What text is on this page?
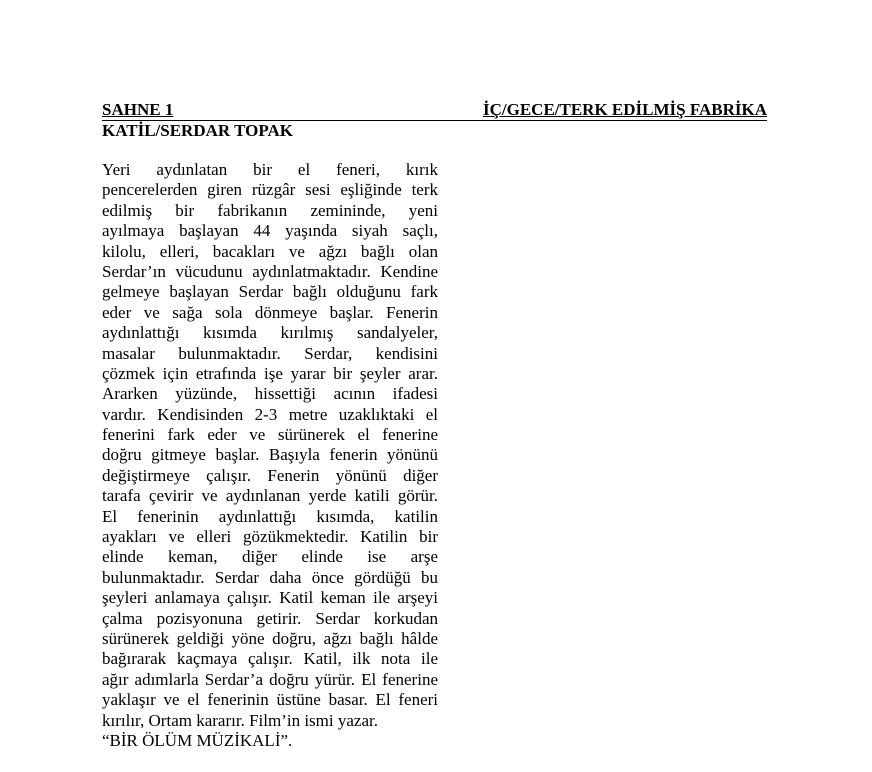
SAHNE 1	İÇ/GECE/TERK EDİLMİŞ FABRİKA
KATİL/SERDAR TOPAK
Yeri aydınlatan bir el feneri, kırık
pencerelerden giren rüzgâr sesi eşliğinde terk
edilmiş bir fabrikanın zemininde, yeni
ayılmaya başlayan 44 yaşında siyah saçlı,
kilolu, elleri, bacakları ve ağzı bağlı olan
Serdar’ın vücudunu aydınlatmaktadır. Kendine
gelmeye başlayan Serdar bağlı olduğunu fark
eder ve sağa sola dönmeye başlar. Fenerin
aydınlattığı kısımda kırılmış sandalyeler,
masalar bulunmaktadır. Serdar, kendisini
çözmek için etrafında işe yarar bir şeyler arar.
Ararken yüzünde, hissettiği acının ifadesi
vardır. Kendisinden 2-3 metre uzaklıktaki el
fenerini fark eder ve sürünerek el fenerine
doğru gitmeye başlar. Başıyla fenerin yönünü
değiştirmeye çalışır. Fenerin yönünü diğer
tarafa çevirir ve aydınlanan yerde katili görür.
El fenerinin aydınlattığı kısımda, katilin
ayakları ve elleri gözükmektedir. Katilin bir
elinde keman, diğer elinde ise arşe
bulunmaktadır. Serdar daha önce gördüğü bu
şeyleri anlamaya çalışır. Katil keman ile arşeyi
çalma pozisyonuna getirir. Serdar korkudan
sürünerek geldiği yöne doğru, ağzı bağlı hâlde
bağırarak kaçmaya çalışır. Katil, ilk nota ile
ağır adımlarla Serdar’a doğru yürür. El fenerine
yaklaşır ve el fenerinin üstüne basar. El feneri
kırılır, Ortam kararır. Film’in ismi yazar.
“BİR ÖLÜM MÜZİKALİ”.
